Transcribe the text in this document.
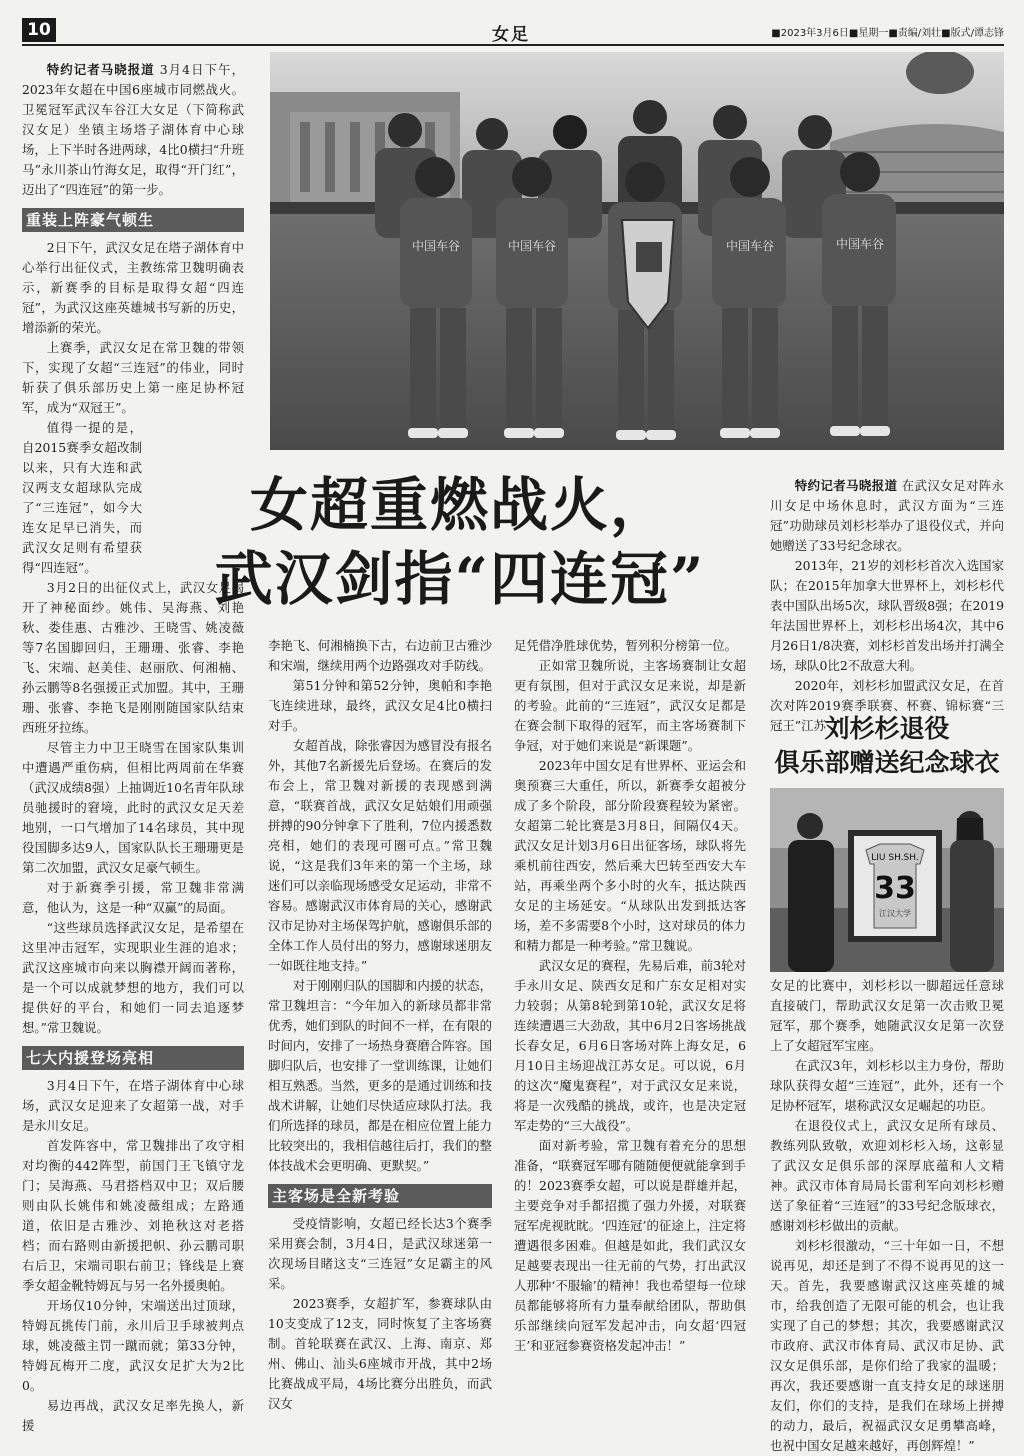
10	女足	■2023年3月6日■星期一■责编/刘壮■版式/谭志锋
中国车谷	中国车谷	中国车谷	中国车谷
女超重燃战火，
武汉剑指“四连冠”

特约记者马晓报道 3月4日下午，2023年女超在中国6座城市同燃战火。卫冕冠军武汉车谷江大女足（下简称武汉女足）坐镇主场塔子湖体育中心球场，上下半时各进两球，4比0横扫“升班马”永川茶山竹海女足，取得“开门红”，迈出了“四连冠”的第一步。

重装上阵豪气顿生

2日下午，武汉女足在塔子湖体育中心举行出征仪式，主教练常卫魏明确表示，新赛季的目标是取得女超“四连冠”，为武汉这座英雄城书写新的历史，增添新的荣光。

上赛季，武汉女足在常卫魏的带领下，实现了女超“三连冠”的伟业，同时斩获了俱乐部历史上第一座足协杯冠军，成为“双冠王”。

值得一提的是，自2015赛季女超改制以来，只有大连和武汉两支女超球队完成了“三连冠”，如今大连女足早已消失，而武汉女足则有希望获得“四连冠”。

3月2日的出征仪式上，武汉女足揭开了神秘面纱。姚伟、吴海燕、刘艳秋、娄佳惠、古雅沙、王晓雪、姚凌薇等7名国脚回归，王珊珊、张睿、李艳飞、宋端、赵美佳、赵丽欣、何湘楠、孙云鹏等8名强援正式加盟。其中，王珊珊、张睿、李艳飞是刚刚随国家队结束西班牙拉练。

尽管主力中卫王晓雪在国家队集训中遭遇严重伤病，但相比两周前在华赛（武汉成绩8强）上抽调近10名青年队球员驰援时的窘境，此时的武汉女足天差地别，一口气增加了14名球员，其中现役国脚多达9人，国家队队长王珊珊更是第二次加盟，武汉女足豪气顿生。

对于新赛季引援，常卫魏非常满意，他认为，这是一种“双赢”的局面。

“这些球员选择武汉女足，是希望在这里冲击冠军，实现职业生涯的追求；武汉这座城市向来以胸襟开阔而著称，是一个可以成就梦想的地方，我们可以提供好的平台，和她们一同去追逐梦想。”常卫魏说。

七大内援登场亮相

3月4日下午，在塔子湖体育中心球场，武汉女足迎来了女超第一战，对手是永川女足。

首发阵容中，常卫魏排出了攻守相对均衡的442阵型，前国门王飞镇守龙门；吴海燕、马君搭档双中卫；双后腰则由队长姚伟和姚凌薇组成；左路通道，依旧是古雅沙、刘艳秋这对老搭档；而右路则由新援把帜、孙云鹏司职右后卫，宋端司职右前卫；锋线是上赛季女超金靴特姆瓦与另一名外援奥帕。

开场仅10分钟，宋端送出过顶球，特姆瓦挑传门前，永川后卫手球被判点球，姚凌薇主罚一蹴而就；第33分钟，特姆瓦梅开二度，武汉女足扩大为2比0。

易边再战，武汉女足率先换人，新援

李艳飞、何湘楠换下古，右边前卫古雅沙和宋端，继续用两个边路强攻对手防线。

第51分钟和第52分钟，奥帕和李艳飞连续进球，最终，武汉女足4比0横扫对手。

女超首战，除张睿因为感冒没有报名外，其他7名新援先后登场。在赛后的发布会上，常卫魏对新援的表现感到满意，“联赛首战，武汉女足姑娘们用顽强拼搏的90分钟拿下了胜利，7位内援悉数亮相，她们的表现可圈可点。”常卫魏说，“这是我们3年来的第一个主场，球迷们可以亲临现场感受女足运动，非常不容易。感谢武汉市体育局的关心，感谢武汉市足协对主场保驾护航，感谢俱乐部的全体工作人员付出的努力，感谢球迷朋友一如既往地支持。”

对于刚刚归队的国脚和内援的状态，常卫魏坦言：“今年加入的新球员都非常优秀，她们到队的时间不一样，在有限的时间内，安排了一场热身赛磨合阵容。国脚归队后，也安排了一堂训练课，让她们相互熟悉。当然，更多的是通过训练和技战术讲解，让她们尽快适应球队打法。我们所选择的球员，都是在相应位置上能力比较突出的，我相信越往后打，我们的整体技战术会更明确、更默契。”

主客场是全新考验

受疫情影响，女超已经长达3个赛季采用赛会制，3月4日，是武汉球迷第一次现场目睹这支“三连冠”女足霸主的风采。

2023赛季，女超扩军，参赛球队由10支变成了12支，同时恢复了主客场赛制。首轮联赛在武汉、上海、南京、郑州、佛山、汕头6座城市开战，其中2场比赛战成平局，4场比赛分出胜负，而武汉女

足凭借净胜球优势，暂列积分榜第一位。

正如常卫魏所说，主客场赛制让女超更有氛围，但对于武汉女足来说，却是新的考验。此前的“三连冠”，武汉女足都是在赛会制下取得的冠军，而主客场赛制下争冠，对于她们来说是“新课题”。

2023年中国女足有世界杯、亚运会和奥预赛三大重任，所以，新赛季女超被分成了多个阶段，部分阶段赛程较为紧密。女超第二轮比赛是3月8日，间隔仅4天。武汉女足计划3月6日出征客场，球队将先乘机前往西安，然后乘大巴转至西安大车站，再乘坐两个多小时的火车，抵达陕西女足的主场延安。“从球队出发到抵达客场，差不多需要8个小时，这对球员的体力和精力都是一种考验。”常卫魏说。

武汉女足的赛程，先易后难，前3轮对手永川女足、陕西女足和广东女足相对实力较弱；从第8轮到第10轮，武汉女足将连续遭遇三大劲敌，其中6月2日客场挑战长春女足，6月6日客场对阵上海女足，6月10日主场迎战江苏女足。可以说，6月的这次“魔鬼赛程”，对于武汉女足来说，将是一次残酷的挑战，或许，也是决定冠军走势的“三大战役”。

面对新考验，常卫魏有着充分的思想准备，“联赛冠军哪有随随便便就能拿到手的！2023赛季女超，可以说是群雄并起，主要竞争对手都招揽了强力外援，对联赛冠军虎视眈眈。‘四连冠’的征途上，注定将遭遇很多困难。但越是如此，我们武汉女足越要表现出一往无前的气势，打出武汉人那种‘不服输’的精神！我也希望每一位球员都能够将所有力量奉献给团队，帮助俱乐部继续向冠军发起冲击，向女超‘四冠王’和亚冠参赛资格发起冲击！”

特约记者马晓报道 在武汉女足对阵永川女足中场休息时，武汉方面为“三连冠”功勋球员刘杉杉举办了退役仪式，并向她赠送了33号纪念球衣。

2013年，21岁的刘杉杉首次入选国家队；在2015年加拿大世界杯上，刘杉杉代表中国队出场5次，球队晋级8强；在2019年法国世界杯上，刘杉杉出场4次，其中6月26日1/8决赛，刘杉杉首发出场并打满全场，球队0比2不敌意大利。

2020年，刘杉杉加盟武汉女足，在首次对阵2019赛季联赛、杯赛、锦标赛“三冠王”江苏

刘杉杉退役
俱乐部赠送纪念球衣
LIU SH.SH.
33
江汉大学

女足的比赛中，刘杉杉以一脚超远任意球直接破门，帮助武汉女足第一次击败卫冕冠军，那个赛季，她随武汉女足第一次登上了女超冠军宝座。

在武汉3年，刘杉杉以主力身份，帮助球队获得女超“三连冠”，此外，还有一个足协杯冠军，堪称武汉女足崛起的功臣。

在退役仪式上，武汉女足所有球员、教练列队致敬，欢迎刘杉杉入场，这彰显了武汉女足俱乐部的深厚底蕴和人文精神。武汉市体育局局长雷利军向刘杉杉赠送了象征着“三连冠”的33号纪念版球衣，感谢刘杉杉做出的贡献。

刘杉杉很激动，“三十年如一日，不想说再见，却还是到了不得不说再见的这一天。首先，我要感谢武汉这座英雄的城市，给我创造了无限可能的机会，也让我实现了自己的梦想；其次，我要感谢武汉市政府、武汉市体育局、武汉市足协、武汉女足俱乐部，是你们给了我家的温暖；再次，我还要感谢一直支持女足的球迷朋友们，你们的支持，是我们在球场上拼搏的动力，最后，祝福武汉女足勇攀高峰，也祝中国女足越来越好，再创辉煌！”
